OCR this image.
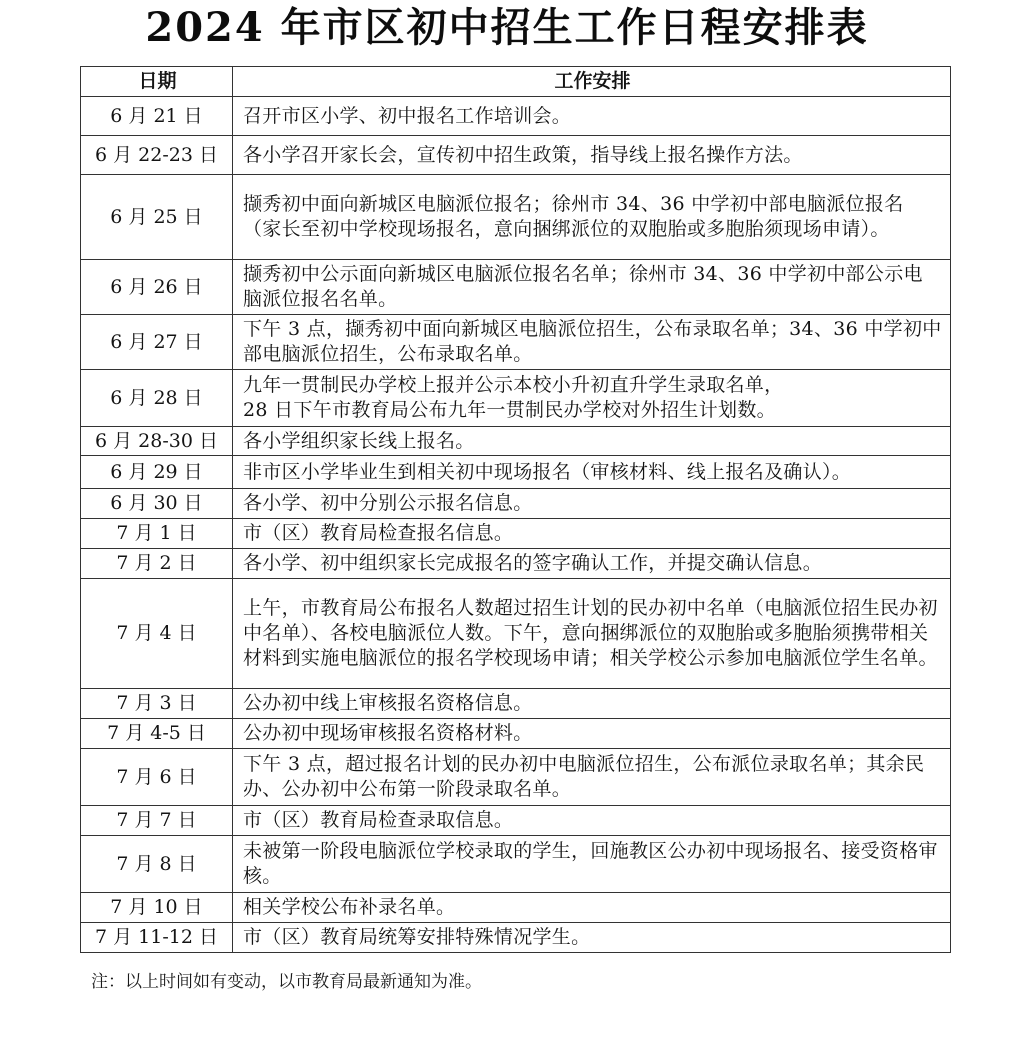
2024 年市区初中招生工作日程安排表
日期	工作安排
6 月 21 日	召开市区小学、初中报名工作培训会。
6 月 22-23 日	各小学召开家长会，宣传初中招生政策，指导线上报名操作方法。
6 月 25 日	撷秀初中面向新城区电脑派位报名；徐州市 34、36 中学初中部电脑派位报名（家长至初中学校现场报名，意向捆绑派位的双胞胎或多胞胎须现场申请）。
6 月 26 日	撷秀初中公示面向新城区电脑派位报名名单；徐州市 34、36 中学初中部公示电脑派位报名名单。
6 月 27 日	下午 3 点，撷秀初中面向新城区电脑派位招生，公布录取名单；34、36 中学初中部电脑派位招生，公布录取名单。
6 月 28 日	九年一贯制民办学校上报并公示本校小升初直升学生录取名单，
28 日下午市教育局公布九年一贯制民办学校对外招生计划数。
6 月 28-30 日	各小学组织家长线上报名。
6 月 29 日	非市区小学毕业生到相关初中现场报名（审核材料、线上报名及确认）。
6 月 30 日	各小学、初中分别公示报名信息。
7 月 1 日	市（区）教育局检查报名信息。
7 月 2 日	各小学、初中组织家长完成报名的签字确认工作，并提交确认信息。
7 月 4 日	上午，市教育局公布报名人数超过招生计划的民办初中名单（电脑派位招生民办初中名单）、各校电脑派位人数。下午，意向捆绑派位的双胞胎或多胞胎须携带相关材料到实施电脑派位的报名学校现场申请；相关学校公示参加电脑派位学生名单。
7 月 3 日	公办初中线上审核报名资格信息。
7 月 4-5 日	公办初中现场审核报名资格材料。
7 月 6 日	下午 3 点，超过报名计划的民办初中电脑派位招生，公布派位录取名单；其余民办、公办初中公布第一阶段录取名单。
7 月 7 日	市（区）教育局检查录取信息。
7 月 8 日	未被第一阶段电脑派位学校录取的学生，回施教区公办初中现场报名、接受资格审核。
7 月 10 日	相关学校公布补录名单。
7 月 11-12 日	市（区）教育局统筹安排特殊情况学生。
注：以上时间如有变动，以市教育局最新通知为准。
